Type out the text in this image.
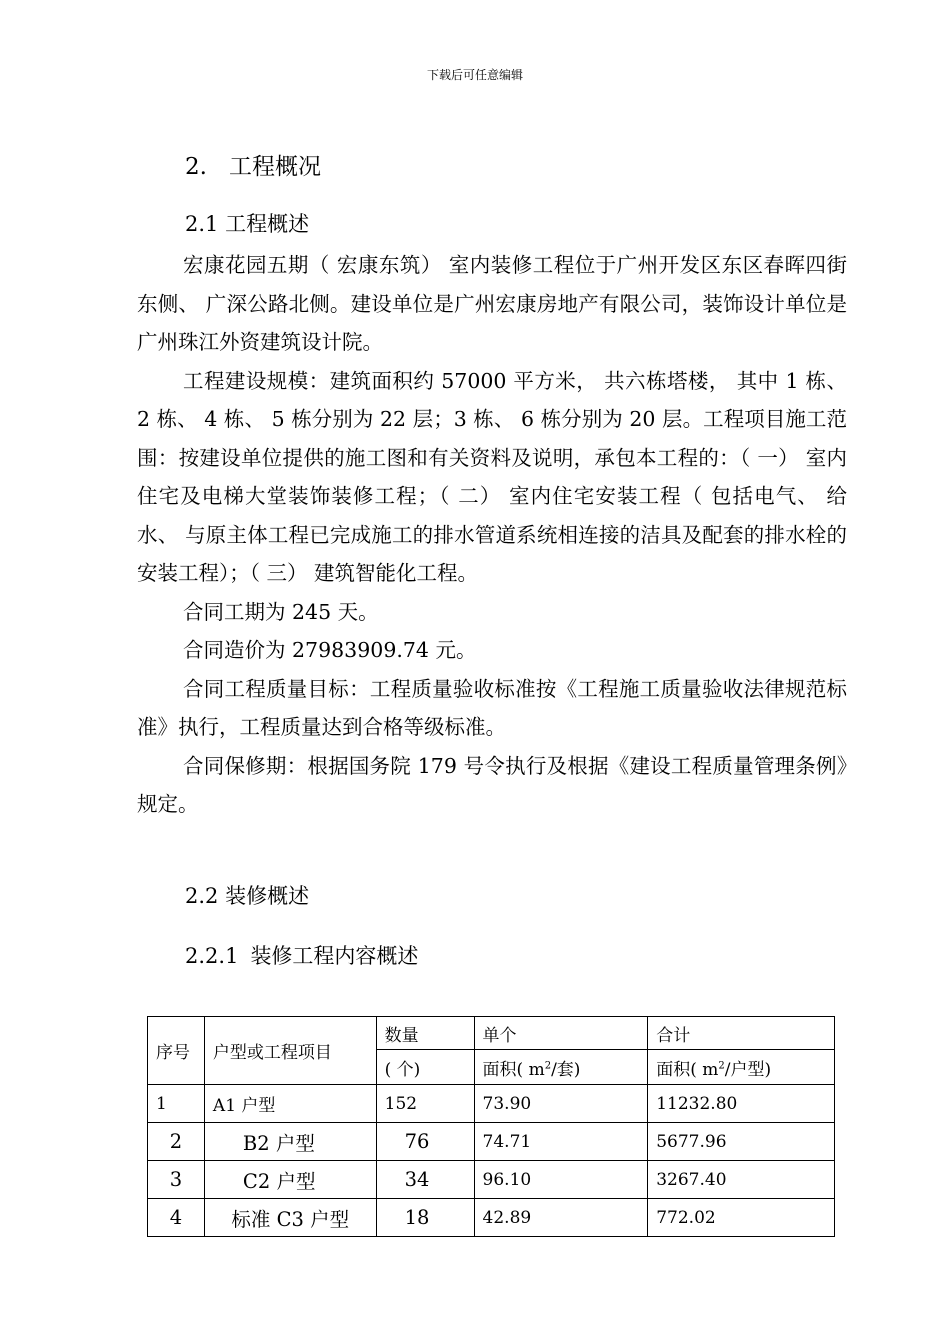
下载后可任意编辑
2. 工程概况
2.1 工程概述

宏康花园五期（ 宏康东筑） 室内装修工程位于广州开发区东区春晖四街东侧、 广深公路北侧。建设单位是广州宏康房地产有限公司，装饰设计单位是广州珠江外资建筑设计院。

工程建设规模：建筑面积约 57000 平方米， 共六栋塔楼， 其中 1 栋、 2 栋、 4 栋、 5 栋分别为 22 层；3 栋、 6 栋分别为 20 层。工程项目施工范围：按建设单位提供的施工图和有关资料及说明，承包本工程的：（ 一） 室内住宅及电梯大堂装饰装修工程；（ 二） 室内住宅安装工程（ 包括电气、 给水、 与原主体工程已完成施工的排水管道系统相连接的洁具及配套的排水栓的安装工程）；（ 三） 建筑智能化工程。

合同工期为 245 天。

合同造价为 27983909.74 元。

合同工程质量目标：工程质量验收标准按《工程施工质量验收法律规范标准》执行，工程质量达到合格等级标准。

合同保修期：根据国务院 179 号令执行及根据《建设工程质量管理条例》规定。

2.2 装修概述
2.2.1 装修工程内容概述
序号	户型或工程项目	数量	单个	合计
		( 个)	面积( $m^2/$套)	面积( $m^2/$户型)
1	A1 户型	152	73.90	11232.80
2	B2 户型	76	74.71	5677.96
3	C2 户型	34	96.10	3267.40
4	标准 C3 户型	18	42.89	772.02
